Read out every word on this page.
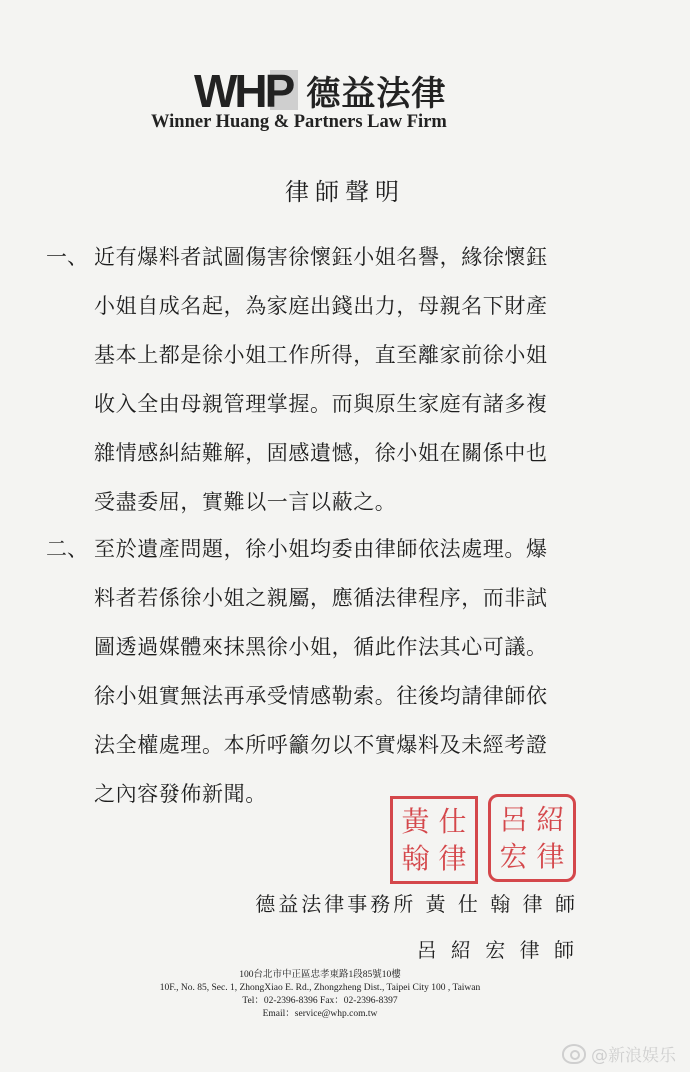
WHP 德益法律
Winner Huang & Partners Law Firm
律師聲明
一、 近有爆料者試圖傷害徐懷鈺小姐名譽，緣徐懷鈺
小姐自成名起，為家庭出錢出力，母親名下財產
基本上都是徐小姐工作所得，直至離家前徐小姐
收入全由母親管理掌握。而與原生家庭有諸多複
雜情感糾結難解，固感遺憾，徐小姐在關係中也
受盡委屈，實難以一言以蔽之。
二、 至於遺產問題，徐小姐均委由律師依法處理。爆
料者若係徐小姐之親屬，應循法律程序，而非試
圖透過媒體來抹黑徐小姐，循此作法其心可議。
徐小姐實無法再承受情感勒索。往後均請律師依
法全權處理。本所呼籲勿以不實爆料及未經考證
之內容發佈新聞。
黃 仕
翰 律
呂 紹
宏 律
德益法律事務所 黃 仕 翰 律 師
呂 紹 宏 律 師
100台北市中正區忠孝東路1段85號10樓
10F., No. 85, Sec. 1, ZhongXiao E. Rd., Zhongzheng Dist., Taipei City 100 , Taiwan
Tel：02-2396-8396 Fax：02-2396-8397
Email：service@whp.com.tw
@新浪娱乐
